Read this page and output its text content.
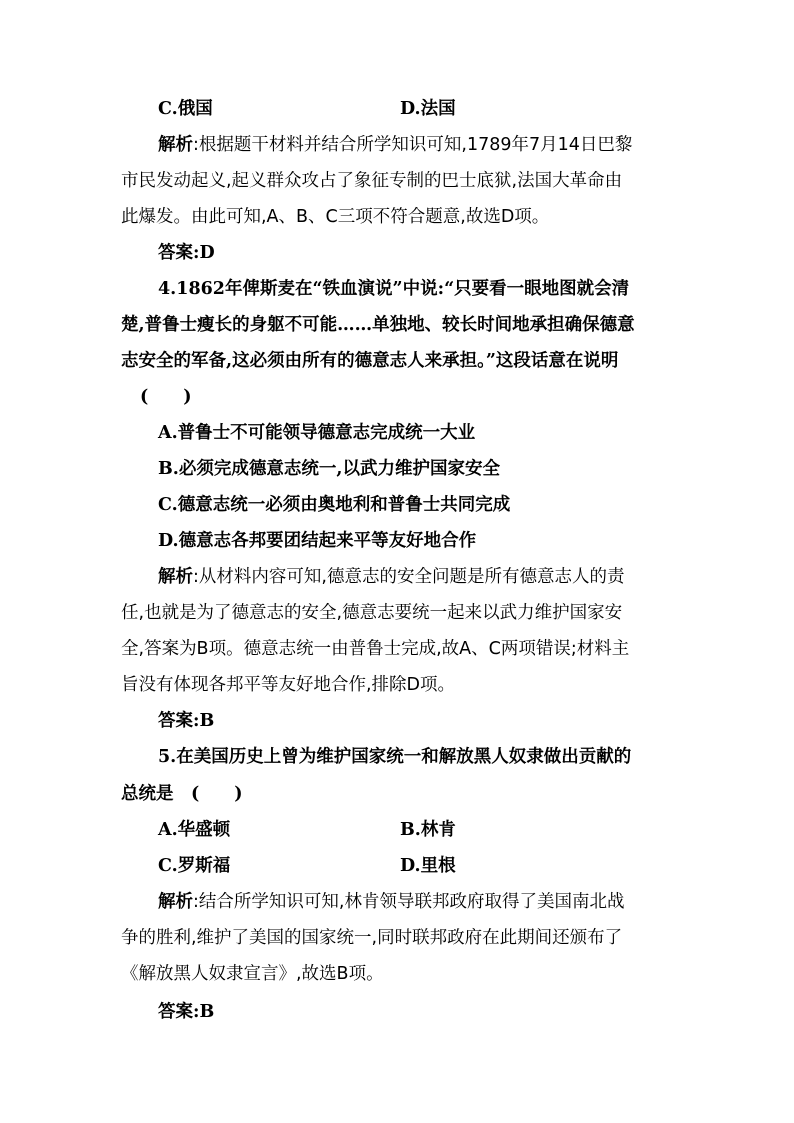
C.俄国	D.法国
解析:根据题干材料并结合所学知识可知,1789年7月14日巴黎
市民发动起义,起义群众攻占了象征专制的巴士底狱,法国大革命由
此爆发。由此可知,A、B、C三项不符合题意,故选D项。
答案:D
4.1862年俾斯麦在“铁血演说”中说:“只要看一眼地图就会清
楚,普鲁士瘦长的身躯不可能……单独地、较长时间地承担确保德意
志安全的军备,这必须由所有的德意志人来承担。”这段话意在说明
(　　)
A.普鲁士不可能领导德意志完成统一大业
B.必须完成德意志统一,以武力维护国家安全
C.德意志统一必须由奥地利和普鲁士共同完成
D.德意志各邦要团结起来平等友好地合作
解析:从材料内容可知,德意志的安全问题是所有德意志人的责
任,也就是为了德意志的安全,德意志要统一起来以武力维护国家安
全,答案为B项。德意志统一由普鲁士完成,故A、C两项错误;材料主
旨没有体现各邦平等友好地合作,排除D项。
答案:B
5.在美国历史上曾为维护国家统一和解放黑人奴隶做出贡献的
总统是　(　　)
A.华盛顿	B.林肯
C.罗斯福	D.里根
解析:结合所学知识可知,林肯领导联邦政府取得了美国南北战
争的胜利,维护了美国的国家统一,同时联邦政府在此期间还颁布了
《解放黑人奴隶宣言》,故选B项。
答案:B
